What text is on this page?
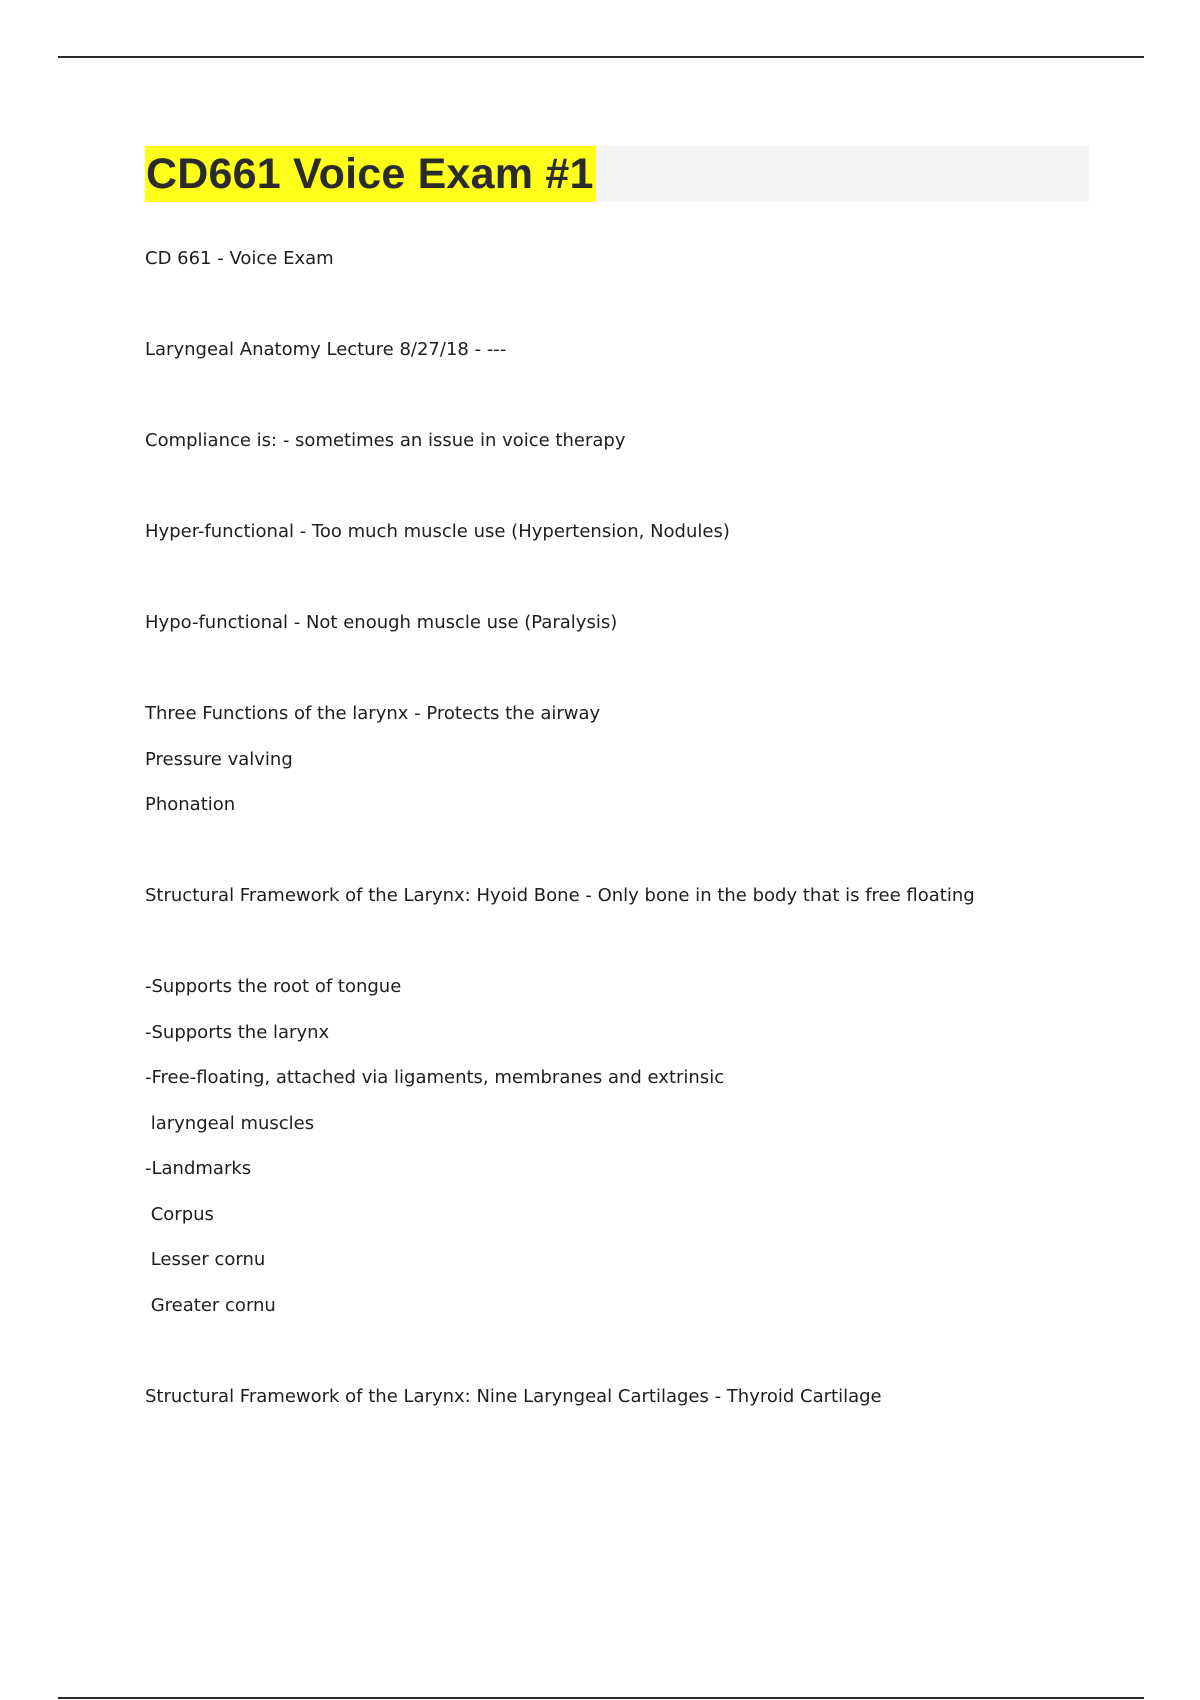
CD661 Voice Exam #1
CD 661 - Voice Exam
Laryngeal Anatomy Lecture 8/27/18 - ---
Compliance is: - sometimes an issue in voice therapy
Hyper-functional - Too much muscle use (Hypertension, Nodules)
Hypo-functional - Not enough muscle use (Paralysis)
Three Functions of the larynx - Protects the airway
Pressure valving
Phonation
Structural Framework of the Larynx: Hyoid Bone - Only bone in the body that is free floating
-Supports the root of tongue
-Supports the larynx
-Free-floating, attached via ligaments, membranes and extrinsic
laryngeal muscles
-Landmarks
Corpus
Lesser cornu
Greater cornu
Structural Framework of the Larynx: Nine Laryngeal Cartilages - Thyroid Cartilage
